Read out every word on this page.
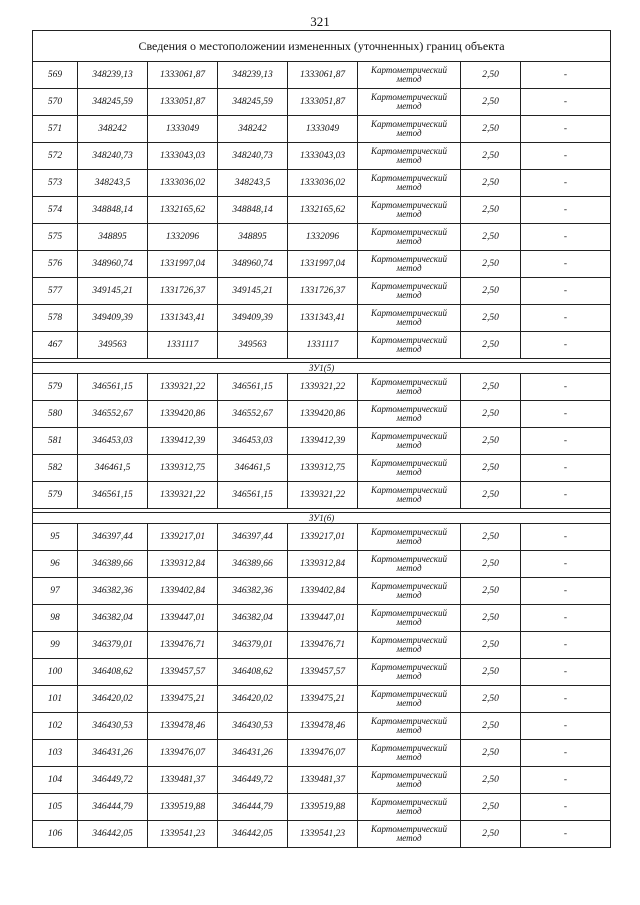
321
Сведения о местоположении измененных (уточненных) границ объекта							
569	348239,13	1333061,87	348239,13	1333061,87	Картометрический метод	2,50	-
570	348245,59	1333051,87	348245,59	1333051,87	Картометрический метод	2,50	-
571	348242	1333049	348242	1333049	Картометрический метод	2,50	-
572	348240,73	1333043,03	348240,73	1333043,03	Картометрический метод	2,50	-
573	348243,5	1333036,02	348243,5	1333036,02	Картометрический метод	2,50	-
574	348848,14	1332165,62	348848,14	1332165,62	Картометрический метод	2,50	-
575	348895	1332096	348895	1332096	Картометрический метод	2,50	-
576	348960,74	1331997,04	348960,74	1331997,04	Картометрический метод	2,50	-
577	349145,21	1331726,37	349145,21	1331726,37	Картометрический метод	2,50	-
578	349409,39	1331343,41	349409,39	1331343,41	Картометрический метод	2,50	-
467	349563	1331117	349563	1331117	Картометрический метод	2,50	-

ЗУ1(5)							
579	346561,15	1339321,22	346561,15	1339321,22	Картометрический метод	2,50	-
580	346552,67	1339420,86	346552,67	1339420,86	Картометрический метод	2,50	-
581	346453,03	1339412,39	346453,03	1339412,39	Картометрический метод	2,50	-
582	346461,5	1339312,75	346461,5	1339312,75	Картометрический метод	2,50	-
579	346561,15	1339321,22	346561,15	1339321,22	Картометрический метод	2,50	-

ЗУ1(6)							
95	346397,44	1339217,01	346397,44	1339217,01	Картометрический метод	2,50	-
96	346389,66	1339312,84	346389,66	1339312,84	Картометрический метод	2,50	-
97	346382,36	1339402,84	346382,36	1339402,84	Картометрический метод	2,50	-
98	346382,04	1339447,01	346382,04	1339447,01	Картометрический метод	2,50	-
99	346379,01	1339476,71	346379,01	1339476,71	Картометрический метод	2,50	-
100	346408,62	1339457,57	346408,62	1339457,57	Картометрический метод	2,50	-
101	346420,02	1339475,21	346420,02	1339475,21	Картометрический метод	2,50	-
102	346430,53	1339478,46	346430,53	1339478,46	Картометрический метод	2,50	-
103	346431,26	1339476,07	346431,26	1339476,07	Картометрический метод	2,50	-
104	346449,72	1339481,37	346449,72	1339481,37	Картометрический метод	2,50	-
105	346444,79	1339519,88	346444,79	1339519,88	Картометрический метод	2,50	-
106	346442,05	1339541,23	346442,05	1339541,23	Картометрический метод	2,50	-
